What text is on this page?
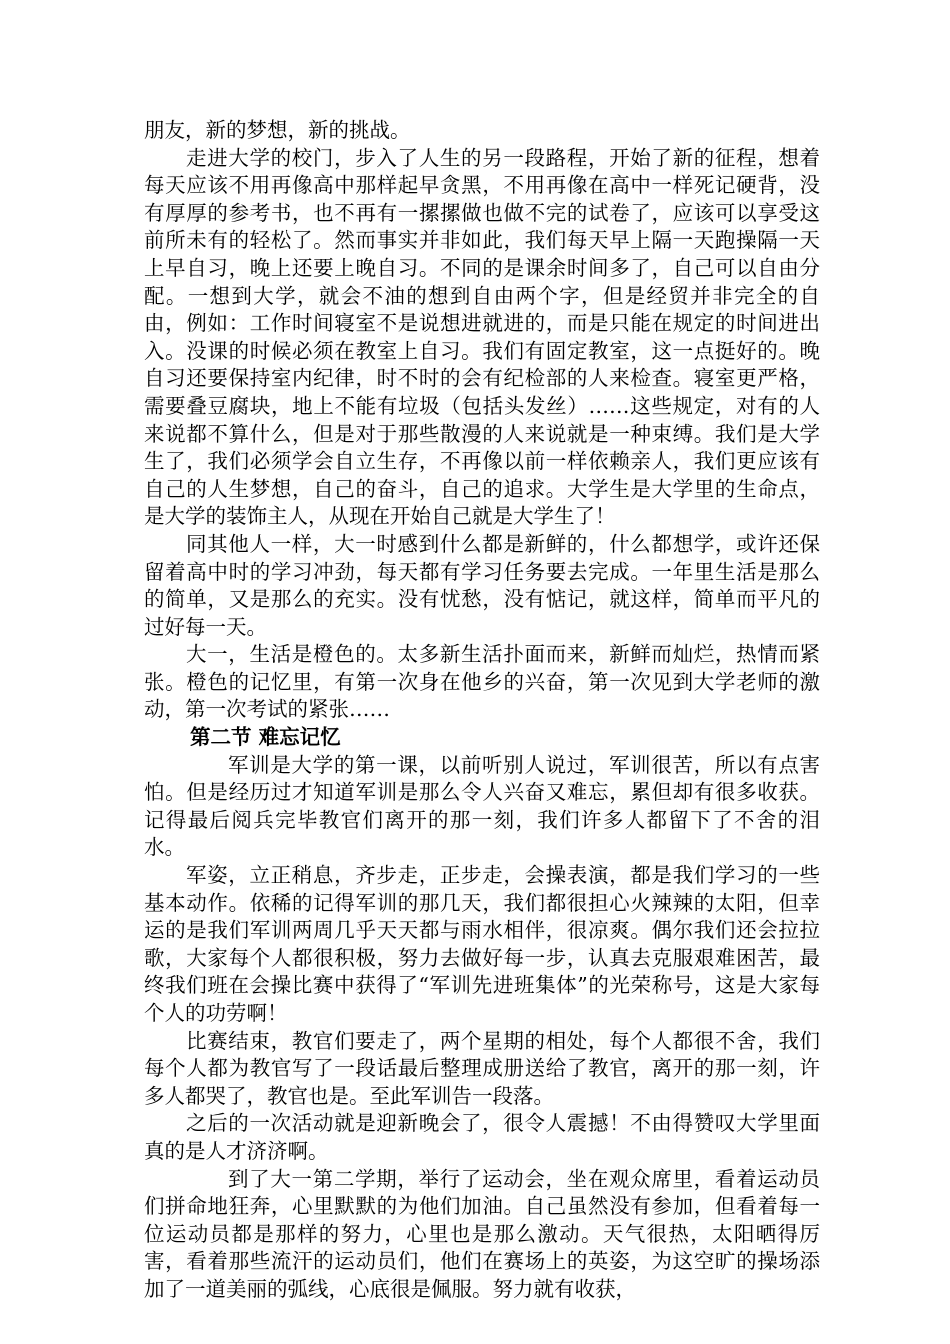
朋友，新的梦想，新的挑战。

走进大学的校门，步入了人生的另一段路程，开始了新的征程，想着每天应该不用再像高中那样起早贪黑，不用再像在高中一样死记硬背，没有厚厚的参考书，也不再有一摞摞做也做不完的试卷了，应该可以享受这前所未有的轻松了。然而事实并非如此，我们每天早上隔一天跑操隔一天上早自习，晚上还要上晚自习。不同的是课余时间多了，自己可以自由分配。一想到大学，就会不油的想到自由两个字，但是经贸并非完全的自由，例如：工作时间寝室不是说想进就进的，而是只能在规定的时间进出入。没课的时候必须在教室上自习。我们有固定教室，这一点挺好的。晚自习还要保持室内纪律，时不时的会有纪检部的人来检查。寝室更严格，需要叠豆腐块，地上不能有垃圾（包括头发丝）……这些规定，对有的人来说都不算什么，但是对于那些散漫的人来说就是一种束缚。我们是大学生了，我们必须学会自立生存，不再像以前一样依赖亲人，我们更应该有自己的人生梦想，自己的奋斗，自己的追求。大学生是大学里的生命点，是大学的装饰主人，从现在开始自己就是大学生了！

同其他人一样，大一时感到什么都是新鲜的，什么都想学，或许还保留着高中时的学习冲劲，每天都有学习任务要去完成。一年里生活是那么的简单，又是那么的充实。没有忧愁，没有惦记，就这样，简单而平凡的过好每一天。

大一，生活是橙色的。太多新生活扑面而来，新鲜而灿烂，热情而紧张。橙色的记忆里，有第一次身在他乡的兴奋，第一次见到大学老师的激动，第一次考试的紧张……

第二节 难忘记忆

军训是大学的第一课，以前听别人说过，军训很苦，所以有点害怕。但是经历过才知道军训是那么令人兴奋又难忘，累但却有很多收获。记得最后阅兵完毕教官们离开的那一刻，我们许多人都留下了不舍的泪水。

军姿，立正稍息，齐步走，正步走，会操表演，都是我们学习的一些基本动作。依稀的记得军训的那几天，我们都很担心火辣辣的太阳，但幸运的是我们军训两周几乎天天都与雨水相伴，很凉爽。偶尔我们还会拉拉歌，大家每个人都很积极，努力去做好每一步，认真去克服艰难困苦，最终我们班在会操比赛中获得了“军训先进班集体”的光荣称号，这是大家每个人的功劳啊！

比赛结束，教官们要走了，两个星期的相处，每个人都很不舍，我们每个人都为教官写了一段话最后整理成册送给了教官，离开的那一刻，许多人都哭了，教官也是。至此军训告一段落。

之后的一次活动就是迎新晚会了，很令人震撼！不由得赞叹大学里面真的是人才济济啊。

到了大一第二学期，举行了运动会，坐在观众席里，看着运动员们拼命地狂奔，心里默默的为他们加油。自己虽然没有参加，但看着每一位运动员都是那样的努力，心里也是那么激动。天气很热，太阳晒得厉害，看着那些流汗的运动员们，他们在赛场上的英姿，为这空旷的操场添加了一道美丽的弧线，心底很是佩服。努力就有收获，
